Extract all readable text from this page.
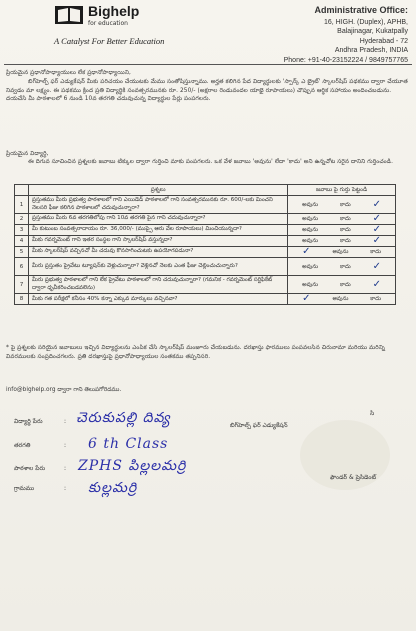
Bighelp
for education
A Catalyst For Better Education
Administrative Office:
16, HIGH. (Duplex), APHB,
Balajinagar, Kukatpally
Hyderabad - 72
Andhra Pradesh, INDIA
Phone: +91-40-23152224 / 9849757765
ప్రియమైన ప్రధానోపాధ్యాయులు లేక ప్రధానోపాధ్యాయిని,
బిగ్‌హెల్ప్ ఫర్ ఎడ్యుకేషన్ మీకు పరిచయం చేయుటకు మేము సంతోషిస్తున్నాము. అర్హత కలిగిన పేద విద్యార్థులకు 'స్పార్క్ ఎ బ్రైట్' స్కాలర్‌షిప్ పథకము ద్వారా చేయూత నివ్వడం మా లక్ష్యం. ఈ పథకము క్రింద ప్రతి విద్యార్థికి సంవత్సరమునకు రూ. 250/- (అక్షరాల రెండువందల యాభై రూపాయలు) చొప్పున ఆర్థిక సహాయం అందించబడును. దయచేసి మీ పాఠశాలలో 6 నుండి 10వ తరగతి చదువుచున్న విద్యార్థుల పేర్లు పంపగలరు.
ప్రియమైన విద్యార్థి,
ఈ దిగువ సూచించిన ప్రశ్నలకు జవాబు టిక్కుల ద్వారా గుర్తించి మాకు పంపగలరు. ఒక వేళ జవాబు 'అవును' లేదా 'కాదు' అని ఉన్నచోట సరైన దానిని గుర్తించండి.
	ప్రశ్నలు	జవాబు పై గుర్తు పెట్టండి
1	ప్రస్తుతము మీరు ప్రభుత్వ పాఠశాలలో గాని ఎయిడెడ్ పాఠశాలలో గాని సంవత్సరమునకు రూ. 600/-లకు మించని నెలసరి ఫీజు కలిగిన పాఠశాలలో చదువుచున్నారా?	అవును కాదు ✓

2	ప్రస్తుతము మీరు 6వ తరగతిలోపు గాని 10వ తరగతి పైన గాని చదువుచున్నారా?	అవును కాదు ✓

3	మీ కుటుంబ సంవత్సరాదాయం రూ. 36,000/- (ముప్పై ఆరు వేల రూపాయలు) మించియున్నదా?	అవును కాదు ✓

4	మీకు గవర్నమెంట్ గాని ఇతర సంస్థల గాని స్కాలర్‌షిప్ వస్తున్నదా?	అవును కాదు ✓

5	మీకు స్కాలర్‌షిప్ వచ్చినచో మీ చదువు కొనసాగించుటకు ఉపయోగపడునా?	✓ అవును కాదు

6	మీరు ప్రస్తుతం ప్రైవేటు ట్యూషన్‌కు వెళ్లుచున్నారా? వెళ్లినచో నెలకు ఎంత ఫీజు చెల్లించుచున్నారు?	అవును కాదు ✓

7	మీరు ప్రభుత్వ పాఠశాలలో గాని లేక ప్రైవేటు పాఠశాలలో గాని చదువుచున్నారా? (గమనిక - గవర్నమెంట్ సర్టిఫికేట్ ద్వారా ధృవీకరించబడవలెను)	అవును కాదు ✓

8	మీకు గత పరీక్షలో కనీసం 40% కన్నా ఎక్కువ మార్కులు వచ్చినవా?	✓ అవును కాదు
* పై ప్రశ్నలకు సరియైన జవాబులు ఇచ్చిన విద్యార్థులను ఎంపిక చేసి స్కాలర్‌షిప్ మంజూరు చేయబడును. దరఖాస్తు ఫారములు పంపవలసిన చిరునామా మరియు మరిన్ని వివరములకు సంప్రదించగలరు. ప్రతి దరఖాస్తుపై ప్రధానోపాధ్యాయుల సంతకము తప్పనిసరి.
info@bighelp.org ద్వారా గాని తెలుపగోరెదము.
విద్యార్థి పేరు	: చెరుకుపల్లి దివ్య
తరగతి	: 6 th Class
పాఠశాల పేరు	: ZPHS పిల్లలమర్రి
గ్రామము	: కుల్లమర్రి
సి
బిగ్‌హెల్ప్ ఫర్ ఎడ్యుకేషన్
ఫౌండర్ & ప్రెసిడెంట్
